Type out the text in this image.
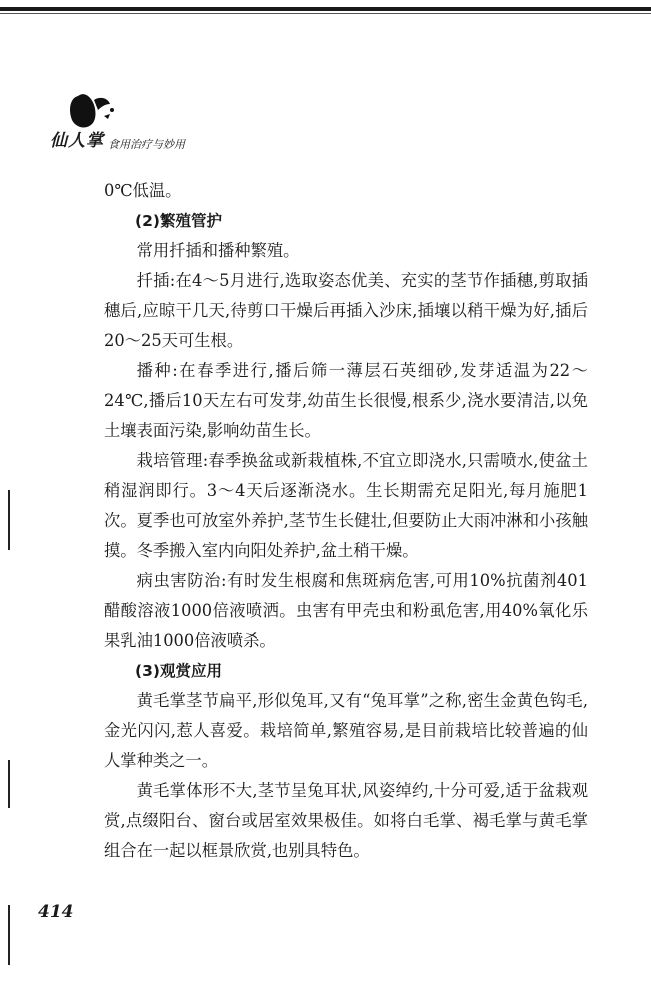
仙人掌 食用治疗与妙用

0℃低温。

(2)繁殖管护

常用扦插和播种繁殖。

扦插:在4～5月进行,选取姿态优美、充实的茎节作插穗,剪取插穗后,应晾干几天,待剪口干燥后再插入沙床,插壤以稍干燥为好,插后20～25天可生根。

播种:在春季进行,播后筛一薄层石英细砂,发芽适温为22～24℃,播后10天左右可发芽,幼苗生长很慢,根系少,浇水要清洁,以免土壤表面污染,影响幼苗生长。

栽培管理:春季换盆或新栽植株,不宜立即浇水,只需喷水,使盆土稍湿润即行。3～4天后逐渐浇水。生长期需充足阳光,每月施肥1次。夏季也可放室外养护,茎节生长健壮,但要防止大雨冲淋和小孩触摸。冬季搬入室内向阳处养护,盆土稍干燥。

病虫害防治:有时发生根腐和焦斑病危害,可用10%抗菌剂401醋酸溶液1000倍液喷洒。虫害有甲壳虫和粉虱危害,用40%氧化乐果乳油1000倍液喷杀。

(3)观赏应用

黄毛掌茎节扁平,形似兔耳,又有“兔耳掌”之称,密生金黄色钩毛,金光闪闪,惹人喜爱。栽培简单,繁殖容易,是目前栽培比较普遍的仙人掌种类之一。

黄毛掌体形不大,茎节呈兔耳状,风姿绰约,十分可爱,适于盆栽观赏,点缀阳台、窗台或居室效果极佳。如将白毛掌、褐毛掌与黄毛掌组合在一起以框景欣赏,也别具特色。

414
